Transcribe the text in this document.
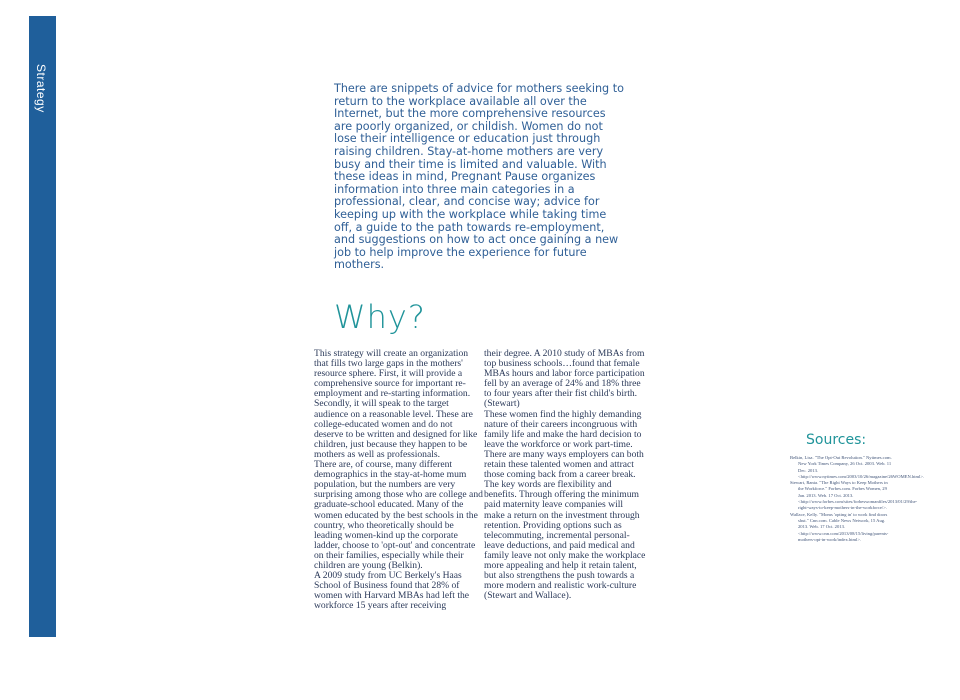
Strategy	There are snippets of advice for mothers seeking to return to the workplace available all over the Internet, but the more comprehensive resources are poorly organized, or childish. Women do not lose their intelligence or education just through raising children. Stay-at-home mothers are very busy and their time is limited and valuable. With these ideas in mind, Pregnant Pause organizes information into three main categories in a professional, clear, and concise way; advice for keeping up with the workplace while taking time off, a guide to the path towards re-employment, and suggestions on how to act once gaining a new job to help improve the experience for future mothers.
Why?

This strategy will create an organization that fills two large gaps in the mothers' resource sphere. First, it will provide a comprehensive source for important re-employment and re-starting information. Secondly, it will speak to the target audience on a reasonable level. These are college-educated women and do not deserve to be written and designed for like children, just because they happen to be mothers as well as professionals.

There are, of course, many different demographics in the stay-at-home mum population, but the numbers are very surprising among those who are college and graduate-school educated. Many of the women educated by the best schools in the country, who theoretically should be leading women-kind up the corporate ladder, choose to 'opt-out' and concentrate on their families, especially while their children are young (Belkin).

A 2009 study from UC Berkely's Haas School of Business found that 28% of women with Harvard MBAs had left the workforce 15 years after receiving

their degree. A 2010 study of MBAs from top business schools…found that female MBAs hours and labor force participation fell by an average of 24% and 18% three to four years after their fist child's birth. (Stewart)

These women find the highly demanding nature of their careers incongruous with family life and make the hard decision to leave the workforce or work part-time. There are many ways employers can both retain these talented women and attract those coming back from a career break. The key words are flexibility and benefits. Through offering the minimum paid maternity leave companies will make a return on the investment through retention. Providing options such as telecommuting, incremental personal-leave deductions, and paid medical and family leave not only make the workplace more appealing and help it retain talent, but also strengthens the push towards a more modern and realistic work-culture (Stewart and Wallace).

Sources:

Belkin, Lisa. "The Opt-Out Revolution." Nytimes.com. New York Times Company, 26 Oct. 2003. Web. 11 Dec. 2013. <http://www.nytimes.com/2003/10/26/magazine/26WOMEN.html>.

Stewart, Rania. "The Right Ways to Keep Mothers in the Workforce." Forbes.com. Forbes Women, 29 Jan. 2013. Web. 17 Oct. 2013. <http://www.forbes.com/sites/forbeswomanfiles/2013/01/29/the-right-ways-to-keep-mothers-in-the-workforce/>.

Wallace, Kelly. "Moms 'opting in' to work find doors shut." Cnn.com. Cable News Network, 15 Aug. 2013. Web. 17 Oct. 2013. <http://www.cnn.com/2013/08/15/living/parents-mothers-opt-in-work/index.html>.
